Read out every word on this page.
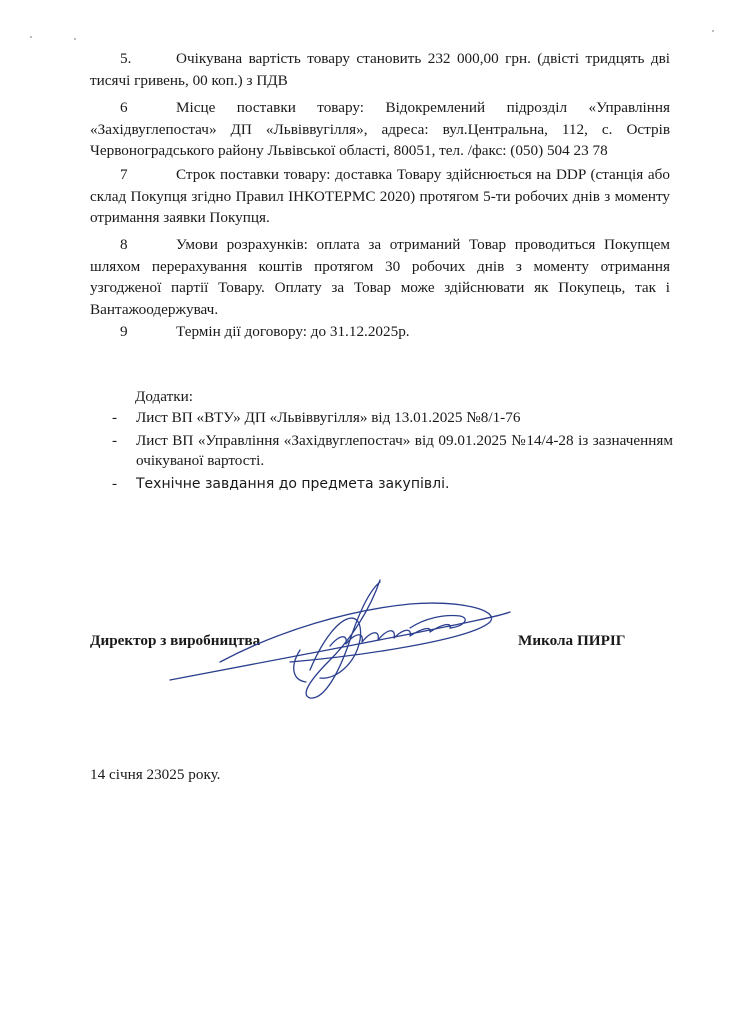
5.	Очікувана вартість товару становить 232 000,00 грн. (двісті тридцять дві тисячі гривень, 00 коп.) з ПДВ
6	Місце поставки товару: Відокремлений підрозділ «Управління «Західвуглепостач» ДП «Львіввугілля», адреса: вул.Центральна, 112, с. Острів Червоноградського району Львівської області, 80051, тел. /факс: (050) 504 23 78
7	Строк поставки товару: доставка Товару здійснюється на DDP (станція або склад Покупця згідно Правил ІНКОТЕРМС 2020) протягом 5-ти робочих днів з моменту отримання заявки Покупця.
8	Умови розрахунків: оплата за отриманий Товар проводиться Покупцем шляхом перерахування коштів протягом 30 робочих днів з моменту отримання узгодженої партії Товару. Оплату за Товар може здійснювати як Покупець, так і Вантажоодержувач.
9	Термін дії договору: до 31.12.2025р.
Додатки:
- Лист ВП «ВТУ» ДП «Львіввугілля» від 13.01.2025 №8/1-76
- Лист ВП «Управління «Західвуглепостач» від 09.01.2025 №14/4-28 із зазначенням очікуваної вартості.
- Технічне завдання до предмета закупівлі.
Директор з виробництва	Микола ПИРІГ
14 січня 23025 року.
